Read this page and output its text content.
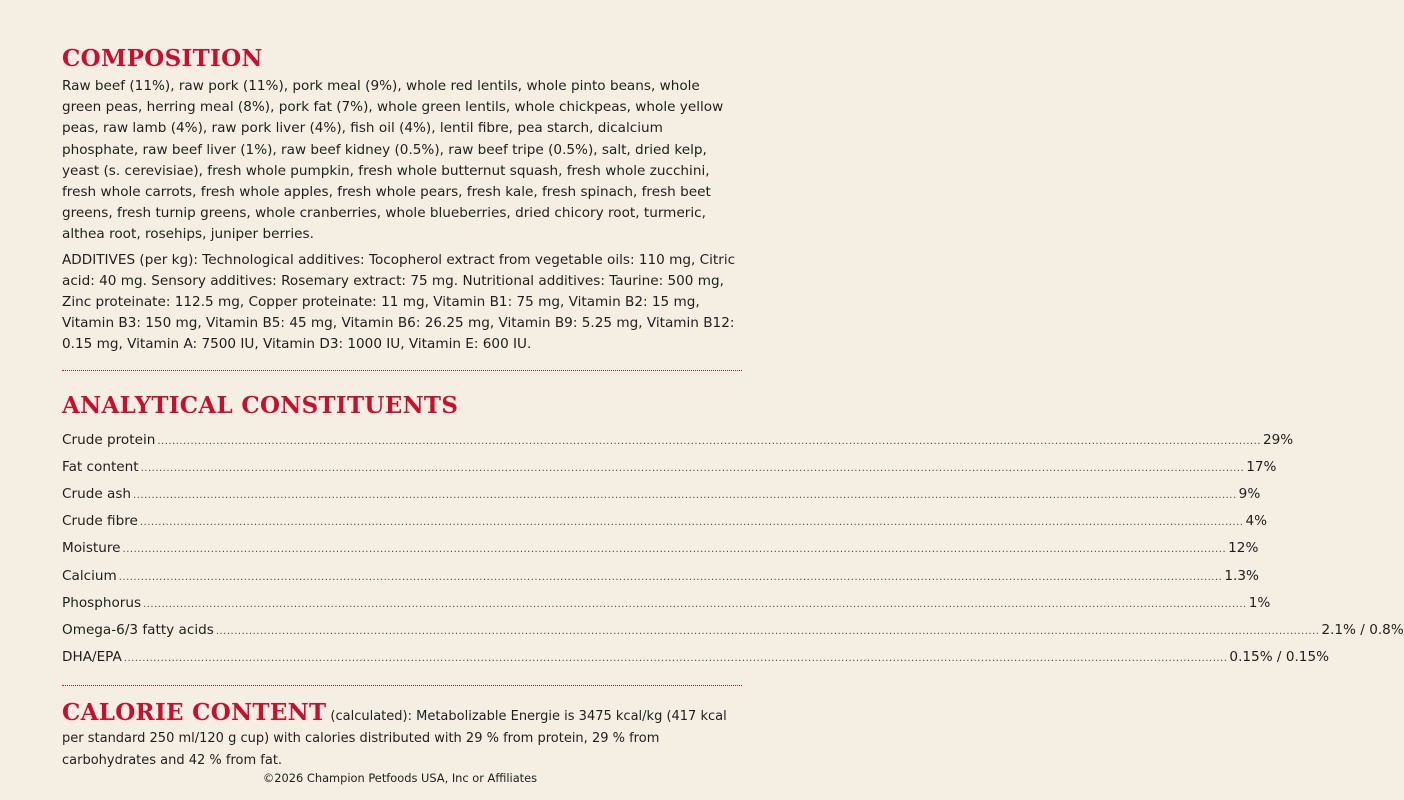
COMPOSITION

Raw beef (11%), raw pork (11%), pork meal (9%), whole red lentils, whole pinto beans, whole green peas, herring meal (8%), pork fat (7%), whole green lentils, whole chickpeas, whole yellow peas, raw lamb (4%), raw pork liver (4%), fish oil (4%), lentil fibre, pea starch, dicalcium phosphate, raw beef liver (1%), raw beef kidney (0.5%), raw beef tripe (0.5%), salt, dried kelp, yeast (s. cerevisiae), fresh whole pumpkin, fresh whole butternut squash, fresh whole zucchini, fresh whole carrots, fresh whole apples, fresh whole pears, fresh kale, fresh spinach, fresh beet greens, fresh turnip greens, whole cranberries, whole blueberries, dried chicory root, turmeric, althea root, rosehips, juniper berries.

ADDITIVES (per kg): Technological additives: Tocopherol extract from vegetable oils: 110 mg, Citric acid: 40 mg. Sensory additives: Rosemary extract: 75 mg. Nutritional additives: Taurine: 500 mg, Zinc proteinate: 112.5 mg, Copper proteinate: 11 mg, Vitamin B1: 75 mg, Vitamin B2: 15 mg, Vitamin B3: 150 mg, Vitamin B5: 45 mg, Vitamin B6: 26.25 mg, Vitamin B9: 5.25 mg, Vitamin B12: 0.15 mg, Vitamin A: 7500 IU, Vitamin D3: 1000 IU, Vitamin E: 600 IU.

ANALYTICAL CONSTITUENTS
Crude protein ............................................................................................................................................................................................................................................................................................................ 29%
Fat content ............................................................................................................................................................................................................................................................................................................ 17%
Crude ash ............................................................................................................................................................................................................................................................................................................ 9%
Crude fibre ............................................................................................................................................................................................................................................................................................................ 4%
Moisture ............................................................................................................................................................................................................................................................................................................ 12%
Calcium ............................................................................................................................................................................................................................................................................................................ 1.3%
Phosphorus ............................................................................................................................................................................................................................................................................................................ 1%
Omega-6/3 fatty acids ............................................................................................................................................................................................................................................................................................................ 2.1% / 0.8%
DHA/EPA ............................................................................................................................................................................................................................................................................................................ 0.15% / 0.15%

CALORIE CONTENT (calculated): Metabolizable Energie is 3475 kcal/kg (417 kcal per standard 250 ml/120 g cup) with calories distributed with 29 % from protein, 29 % from carbohydrates and 42 % from fat.

©2026 Champion Petfoods USA, Inc or Affiliates
